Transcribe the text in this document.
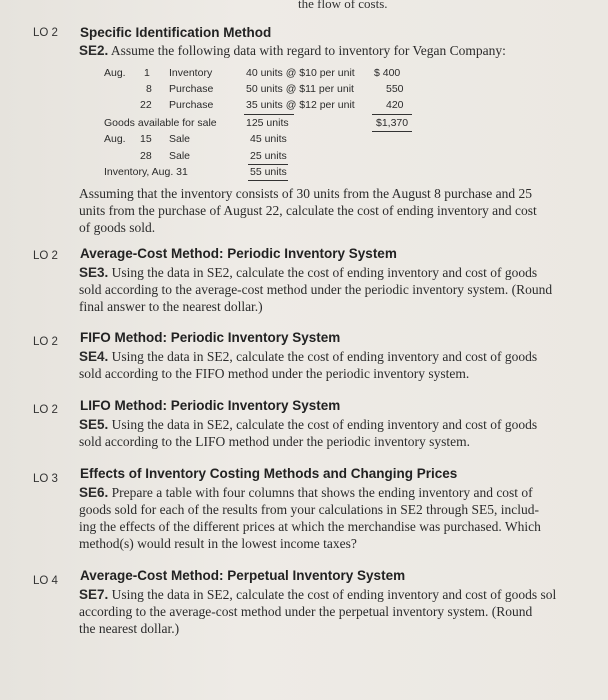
the flow of costs.
LO 2 Specific Identification Method
SE2. Assume the following data with regard to inventory for Vegan Company:
Aug. 1 Inventory	40 units @ $10 per unit $ 400
8 Purchase	50 units @ $11 per unit	550
22 Purchase	35 units @ $12 per unit	420
Goods available for sale	125 units	$1,370
Aug. 15 Sale	45 units
28 Sale	25 units
Inventory, Aug. 31	55 units
Assuming that the inventory consists of 30 units from the August 8 purchase and 25
units from the purchase of August 22, calculate the cost of ending inventory and cost
of goods sold.
LO 2 Average-Cost Method: Periodic Inventory System
SE3. Using the data in SE2, calculate the cost of ending inventory and cost of goods
sold according to the average-cost method under the periodic inventory system. (Round
final answer to the nearest dollar.)
LO 2 FIFO Method: Periodic Inventory System
SE4. Using the data in SE2, calculate the cost of ending inventory and cost of goods
sold according to the FIFO method under the periodic inventory system.
LO 2 LIFO Method: Periodic Inventory System
SE5. Using the data in SE2, calculate the cost of ending inventory and cost of goods
sold according to the LIFO method under the periodic inventory system.
LO 3 Effects of Inventory Costing Methods and Changing Prices
SE6. Prepare a table with four columns that shows the ending inventory and cost of
goods sold for each of the results from your calculations in SE2 through SE5, includ-
ing the effects of the different prices at which the merchandise was purchased. Which
method(s) would result in the lowest income taxes?
LO 4 Average-Cost Method: Perpetual Inventory System
SE7. Using the data in SE2, calculate the cost of ending inventory and cost of goods sol
according to the average-cost method under the perpetual inventory system. (Round
the nearest dollar.)
